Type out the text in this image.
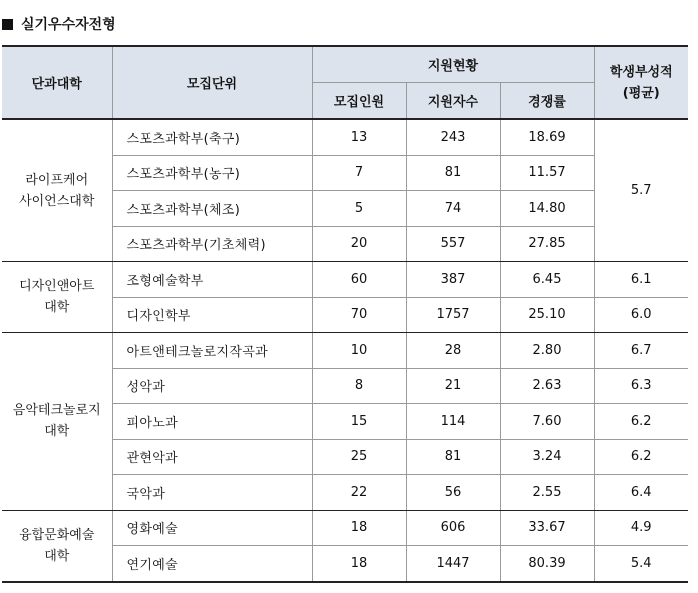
실기우수자전형
단과대학	모집단위	지원현황			학생부성적
(평균)
		모집인원	지원자수	경쟁률	
라이프케어
사이언스대학	스포츠과학부(축구)	13	243	18.69	5.7
	스포츠과학부(농구)	7	81	11.57	
	스포츠과학부(체조)	5	74	14.80	
	스포츠과학부(기초체력)	20	557	27.85	
디자인앤아트
대학	조형예술학부	60	387	6.45	6.1
	디자인학부	70	1757	25.10	6.0
음악테크놀로지
대학	아트앤테크놀로지작곡과	10	28	2.80	6.7
	성악과	8	21	2.63	6.3
	피아노과	15	114	7.60	6.2
	관현악과	25	81	3.24	6.2
	국악과	22	56	2.55	6.4
융합문화예술
대학	영화예술	18	606	33.67	4.9
	연기예술	18	1447	80.39	5.4
